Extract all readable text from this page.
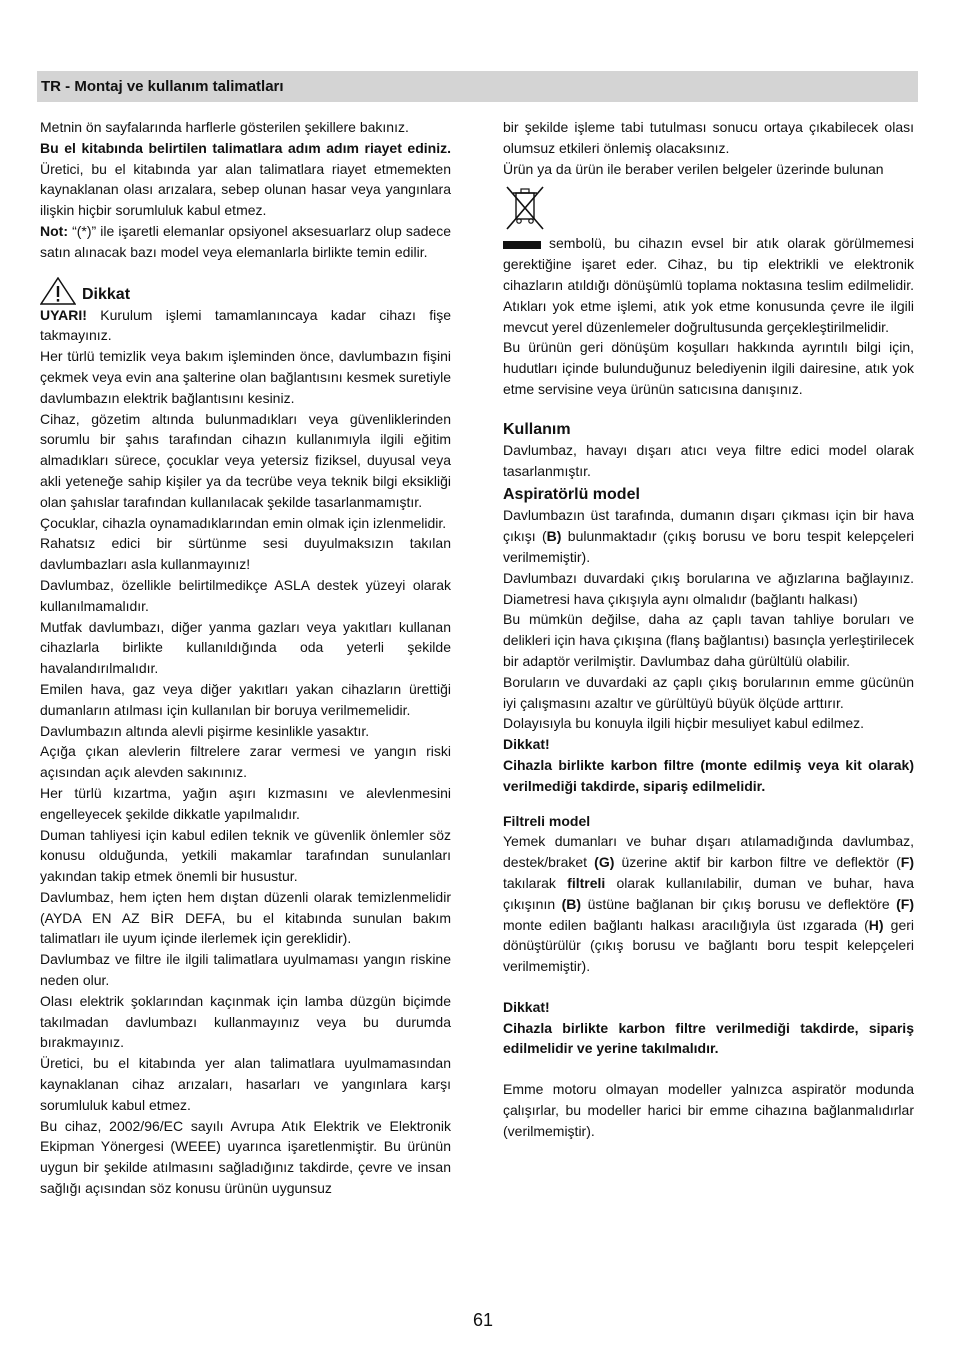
TR - Montaj ve kullanım talimatları

Metnin ön sayfalarında harflerle gösterilen şekillere bakınız.

Bu el kitabında belirtilen talimatlara adım adım riayet ediniz. Üretici, bu el kitabında yar alan talimatlara riayet etmemekten kaynaklanan olası arızalara, sebep olunan hasar veya yangınlara ilişkin hiçbir sorumluluk kabul etmez.

Not: “(*)” ile işaretli elemanlar opsiyonel aksesuarlarz olup sadece satın alınacak bazı model veya elemanlarla birlikte temin edilir.

Dikkat

UYARI! Kurulum işlemi tamamlanıncaya kadar cihazı fişe takmayınız.

Her türlü temizlik veya bakım işleminden önce, davlumbazın fişini çekmek veya evin ana şalterine olan bağlantısını kesmek suretiyle davlumbazın elektrik bağlantısını kesiniz.

Cihaz, gözetim altında bulunmadıkları veya güvenliklerinden sorumlu bir şahıs tarafından cihazın kullanımıyla ilgili eğitim almadıkları sürece, çocuklar veya yetersiz fiziksel, duyusal veya akli yeteneğe sahip kişiler ya da tecrübe veya teknik bilgi eksikliği olan şahıslar tarafından kullanılacak şekilde tasarlanmamıştır.

Çocuklar, cihazla oynamadıklarından emin olmak için izlenmelidir.

Rahatsız edici bir sürtünme sesi duyulmaksızın takılan davlumbazları asla kullanmayınız!

Davlumbaz, özellikle belirtilmedikçe ASLA destek yüzeyi olarak kullanılmamalıdır.

Mutfak davlumbazı, diğer yanma gazları veya yakıtları kullanan cihazlarla birlikte kullanıldığında oda yeterli şekilde havalandırılmalıdır.

Emilen hava, gaz veya diğer yakıtları yakan cihazların ürettiği dumanların atılması için kullanılan bir boruya verilmemelidir.

Davlumbazın altında alevli pişirme kesinlikle yasaktır.

Açığa çıkan alevlerin filtrelere zarar vermesi ve yangın riski açısından açık alevden sakınınız.

Her türlü kızartma, yağın aşırı kızmasını ve alevlenmesini engelleyecek şekilde dikkatle yapılmalıdır.

Duman tahliyesi için kabul edilen teknik ve güvenlik önlemler söz konusu olduğunda, yetkili makamlar tarafından sunulanları yakından takip etmek önemli bir husustur.

Davlumbaz, hem içten hem dıştan düzenli olarak temizlenmelidir (AYDA EN AZ BİR DEFA, bu el kitabında sunulan bakım talimatları ile uyum içinde ilerlemek için gereklidir).

Davlumbaz ve filtre ile ilgili talimatlara uyulmaması yangın riskine neden olur.

Olası elektrik şoklarından kaçınmak için lamba düzgün biçimde takılmadan davlumbazı kullanmayınız veya bu durumda bırakmayınız.

Üretici, bu el kitabında yer alan talimatlara uyulmamasından kaynaklanan cihaz arızaları, hasarları ve yangınlara karşı sorumluluk kabul etmez.

Bu cihaz, 2002/96/EC sayılı Avrupa Atık Elektrik ve Elektronik Ekipman Yönergesi (WEEE) uyarınca işaretlenmiştir. Bu ürünün uygun bir şekilde atılmasını sağladığınız takdirde, çevre ve insan sağlığı açısından söz konusu ürünün uygunsuz

bir şekilde işleme tabi tutulması sonucu ortaya çıkabilecek olası olumsuz etkileri önlemiş olacaksınız.

Ürün ya da ürün ile beraber verilen belgeler üzerinde bulunan

sembolü, bu cihazın evsel bir atık olarak görülmemesi gerektiğine işaret eder. Cihaz, bu tip elektrikli ve elektronik cihazların atıldığı dönüşümlü toplama noktasına teslim edilmelidir. Atıkları yok etme işlemi, atık yok etme konusunda çevre ile ilgili mevcut yerel düzenlemeler doğrultusunda gerçekleştirilmelidir.

Bu ürünün geri dönüşüm koşulları hakkında ayrıntılı bilgi için, hudutları içinde bulunduğunuz belediyenin ilgili dairesine, atık yok etme servisine veya ürünün satıcısına danışınız.

Kullanım

Davlumbaz, havayı dışarı atıcı veya filtre edici model olarak tasarlanmıştır.

Aspiratörlü model

Davlumbazın üst tarafında, dumanın dışarı çıkması için bir hava çıkışı (B) bulunmaktadır (çıkış borusu ve boru tespit kelepçeleri verilmemiştir).

Davlumbazı duvardaki çıkış borularına ve ağızlarına bağlayınız. Diametresi hava çıkışıyla aynı olmalıdır (bağlantı halkası)

Bu mümkün değilse, daha az çaplı tavan tahliye boruları ve delikleri için hava çıkışına (flanş bağlantısı) basınçla yerleştirilecek bir adaptör verilmiştir. Davlumbaz daha gürültülü olabilir.

Boruların ve duvardaki az çaplı çıkış borularının emme gücünün iyi çalışmasını azaltır ve gürültüyü büyük ölçüde arttırır.

Dolayısıyla bu konuyla ilgili hiçbir mesuliyet kabul edilmez.

Dikkat!

Cihazla birlikte karbon filtre (monte edilmiş veya kit olarak) verilmediği takdirde, sipariş edilmelidir.

Filtreli model

Yemek dumanları ve buhar dışarı atılamadığında davlumbaz, destek/braket (G) üzerine aktif bir karbon filtre ve deflektör (F) takılarak filtreli olarak kullanılabilir, duman ve buhar, hava çıkışının (B) üstüne bağlanan bir çıkış borusu ve deflektöre (F) monte edilen bağlantı halkası aracılığıyla üst ızgarada (H) geri dönüştürülür (çıkış borusu ve bağlantı boru tespit kelepçeleri verilmemiştir).

Dikkat!

Cihazla birlikte karbon filtre verilmediği takdirde, sipariş edilmelidir ve yerine takılmalıdır.

Emme motoru olmayan modeller yalnızca aspiratör modunda çalışırlar, bu modeller harici bir emme cihazına bağlanmalıdırlar (verilmemiştir).

61
